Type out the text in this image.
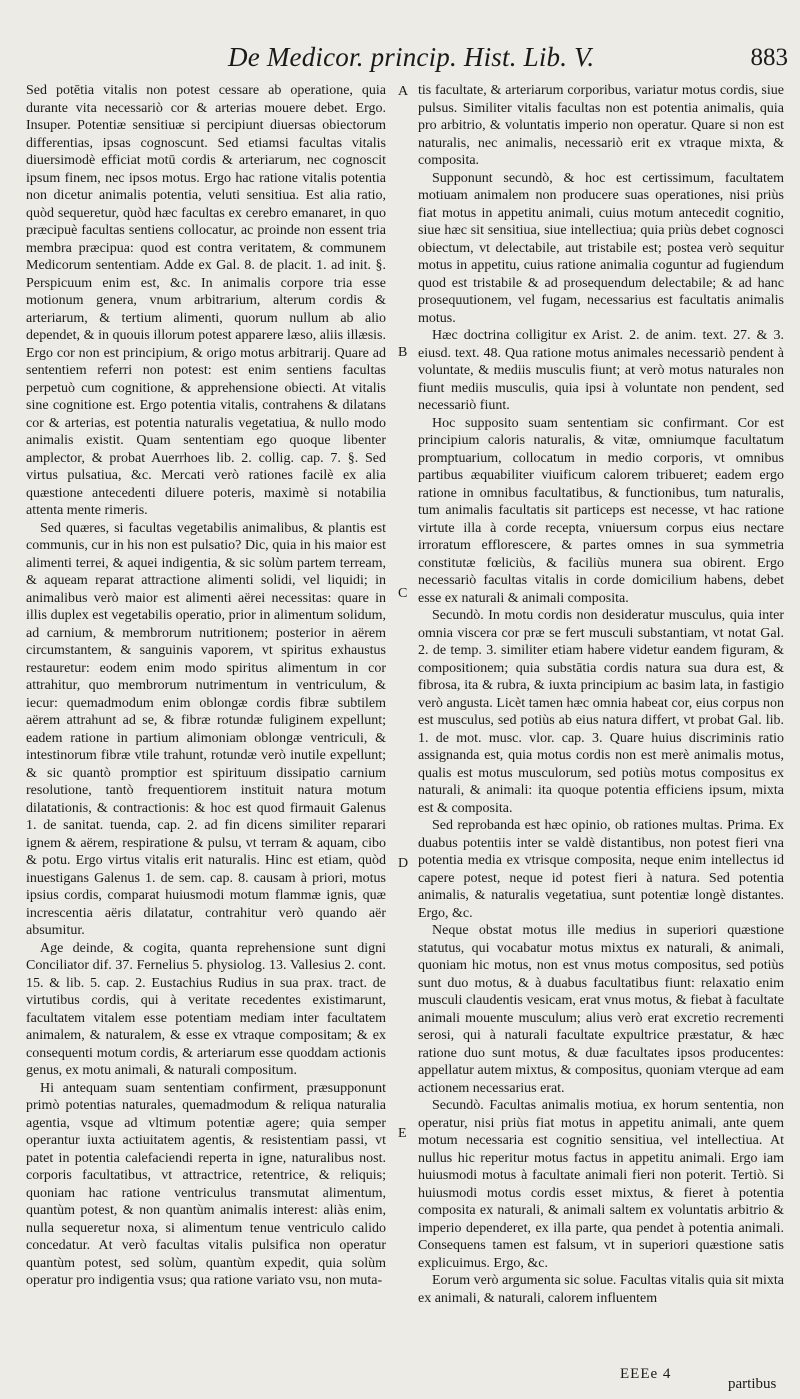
De Medicor. princip. Hist. Lib. V.	883

Sed potētia vitalis non potest cessare ab operatione, quia durante vita necessariò cor & arterias mouere debet. Ergo. Insuper. Potentiæ sensitiuæ si percipiunt diuersas obiectorum differentias, ipsas cognoscunt. Sed etiamsi facultas vitalis diuersimodè efficiat motū cordis & arteriarum, nec cognoscit ipsum finem, nec ipsos motus. Ergo hac ratione vitalis potentia non dicetur animalis potentia, veluti sensitiua. Est alia ratio, quòd sequeretur, quòd hæc facultas ex cerebro emanaret, in quo præcipuè facultas sentiens collocatur, ac proinde non essent tria membra præcipua: quod est contra veritatem, & communem Medicorum sententiam. Adde ex Gal. 8. de placit. 1. ad init. §. Perspicuum enim est, &c. In animalis corpore tria esse motionum genera, vnum arbitrarium, alterum cordis & arteriarum, & tertium alimenti, quorum nullum ab alio dependet, & in quouis illorum potest apparere læso, aliis illæsis. Ergo cor non est principium, & origo motus arbitrarij. Quare ad sententiem referri non potest: est enim sentiens facultas perpetuò cum cognitione, & apprehensione obiecti. At vitalis sine cognitione est. Ergo potentia vitalis, contrahens & dilatans cor & arterias, est potentia naturalis vegetatiua, & nullo modo animalis existit. Quam sententiam ego quoque libenter amplector, & probat Auerrhoes lib. 2. collig. cap. 7. §. Sed virtus pulsatiua, &c. Mercati verò rationes facilè ex alia quæstione antecedenti diluere poteris, maximè si notabilia attenta mente rimeris.

Sed quæres, si facultas vegetabilis animalibus, & plantis est communis, cur in his non est pulsatio? Dic, quia in his maior est alimenti terrei, & aquei indigentia, & sic solùm partem terream, & aqueam reparat attractione alimenti solidi, vel liquidi; in animalibus verò maior est alimenti aërei necessitas: quare in illis duplex est vegetabilis operatio, prior in alimentum solidum, ad carnium, & membrorum nutritionem; posterior in aërem circumstantem, & sanguinis vaporem, vt spiritus exhaustus restauretur: eodem enim modo spiritus alimentum in cor attrahitur, quo membrorum nutrimentum in ventriculum, & iecur: quemadmodum enim oblongæ cordis fibræ subtilem aërem attrahunt ad se, & fibræ rotundæ fuliginem expellunt; eadem ratione in partium alimoniam oblongæ ventriculi, & intestinorum fibræ vtile trahunt, rotundæ verò inutile expellunt; & sic quantò promptior est spirituum dissipatio carnium resolutione, tantò frequentiorem instituit natura motum dilatationis, & contractionis: & hoc est quod firmauit Galenus 1. de sanitat. tuenda, cap. 2. ad fin dicens similiter reparari ignem & aërem, respiratione & pulsu, vt terram & aquam, cibo & potu. Ergo virtus vitalis erit naturalis. Hinc est etiam, quòd inuestigans Galenus 1. de sem. cap. 8. causam à priori, motus ipsius cordis, comparat huiusmodi motum flammæ ignis, quæ increscentia aëris dilatatur, contrahitur verò quando aër absumitur.

Age deinde, & cogita, quanta reprehensione sunt digni Conciliator dif. 37. Fernelius 5. physiolog. 13. Vallesius 2. cont. 15. & lib. 5. cap. 2. Eustachius Rudius in sua prax. tract. de virtutibus cordis, qui à veritate recedentes existimarunt, facultatem vitalem esse potentiam mediam inter facultatem animalem, & naturalem, & esse ex vtraque compositam; & ex consequenti motum cordis, & arteriarum esse quoddam actionis genus, ex motu animali, & naturali compositum.

Hi antequam suam sententiam confirment, præsupponunt primò potentias naturales, quemadmodum & reliqua naturalia agentia, vsque ad vltimum potentiæ agere; quia semper operantur iuxta actiuitatem agentis, & resistentiam passi, vt patet in potentia calefaciendi reperta in igne, naturalibus nost. corporis facultatibus, vt attractrice, retentrice, & reliquis; quoniam hac ratione ventriculus transmutat alimentum, quantùm potest, & non quantùm animalis interest: aliàs enim, nulla sequeretur noxa, si alimentum tenue ventriculo calido concedatur. At verò facultas vitalis pulsifica non operatur quantùm potest, sed solùm, quantùm expedit, quia solùm operatur pro indigentia vsus; qua ratione variato vsu, non muta-

A
B
C
D
E

tis facultate, & arteriarum corporibus, variatur motus cordis, siue pulsus. Similiter vitalis facultas non est potentia animalis, quia pro arbitrio, & voluntatis imperio non operatur. Quare si non est naturalis, nec animalis, necessariò erit ex vtraque mixta, & composita.

Supponunt secundò, & hoc est certissimum, facultatem motiuam animalem non producere suas operationes, nisi priùs fiat motus in appetitu animali, cuius motum antecedit cognitio, siue hæc sit sensitiua, siue intellectiua; quia priùs debet cognosci obiectum, vt delectabile, aut tristabile est; postea verò sequitur motus in appetitu, cuius ratione animalia coguntur ad fugiendum quod est tristabile & ad prosequendum delectabile; & ad hanc prosequutionem, vel fugam, necessarius est facultatis animalis motus.

Hæc doctrina colligitur ex Arist. 2. de anim. text. 27. & 3. eiusd. text. 48. Qua ratione motus animales necessariò pendent à voluntate, & mediis musculis fiunt; at verò motus naturales non fiunt mediis musculis, quia ipsi à voluntate non pendent, sed necessariò fiunt.

Hoc supposito suam sententiam sic confirmant. Cor est principium caloris naturalis, & vitæ, omniumque facultatum promptuarium, collocatum in medio corporis, vt omnibus partibus æquabiliter viuificum calorem tribueret; eadem ergo ratione in omnibus facultatibus, & functionibus, tum naturalis, tum animalis facultatis sit particeps est necesse, vt hac ratione virtute illa à corde recepta, vniuersum corpus eius nectare irroratum efflorescere, & partes omnes in sua symmetria constitutæ fœliciùs, & faciliùs munera sua obirent. Ergo necessariò facultas vitalis in corde domicilium habens, debet esse ex naturali & animali composita.

Secundò. In motu cordis non desideratur musculus, quia inter omnia viscera cor præ se fert musculi substantiam, vt notat Gal. 2. de temp. 3. similiter etiam habere videtur eandem figuram, & compositionem; quia substātia cordis natura sua dura est, & fibrosa, ita & rubra, & iuxta principium ac basim lata, in fastigio verò angusta. Licèt tamen hæc omnia habeat cor, eius corpus non est musculus, sed potiùs ab eius natura differt, vt probat Gal. lib. 1. de mot. musc. vlor. cap. 3. Quare huius discriminis ratio assignanda est, quia motus cordis non est merè animalis motus, qualis est motus musculorum, sed potiùs motus compositus ex naturali, & animali: ita quoque potentia efficiens ipsum, mixta est & composita.

Sed reprobanda est hæc opinio, ob rationes multas. Prima. Ex duabus potentiis inter se valdè distantibus, non potest fieri vna potentia media ex vtrisque composita, neque enim intellectus id capere potest, neque id potest fieri à natura. Sed potentia animalis, & naturalis vegetatiua, sunt potentiæ longè distantes. Ergo, &c.

Neque obstat motus ille medius in superiori quæstione statutus, qui vocabatur motus mixtus ex naturali, & animali, quoniam hic motus, non est vnus motus compositus, sed potiùs sunt duo motus, & à duabus facultatibus fiunt: relaxatio enim musculi claudentis vesicam, erat vnus motus, & fiebat à facultate animali mouente musculum; alius verò erat excretio recrementi serosi, qui à naturali facultate expultrice præstatur, & hæc ratione duo sunt motus, & duæ facultates ipsos producentes: appellatur autem mixtus, & compositus, quoniam vterque ad eam actionem necessarius erat.

Secundò. Facultas animalis motiua, ex horum sententia, non operatur, nisi priùs fiat motus in appetitu animali, ante quem motum necessaria est cognitio sensitiua, vel intellectiua. At nullus hic reperitur motus factus in appetitu animali. Ergo iam huiusmodi motus à facultate animali fieri non poterit. Tertiò. Si huiusmodi motus cordis esset mixtus, & fieret à potentia composita ex naturali, & animali saltem ex voluntatis arbitrio & imperio dependeret, ex illa parte, qua pendet à potentia animali. Consequens tamen est falsum, vt in superiori quæstione satis explicuimus. Ergo, &c.

Eorum verò argumenta sic solue. Facultas vitalis quia sit mixta ex animali, & naturali, calorem influentem

EEEe 4
partibus
